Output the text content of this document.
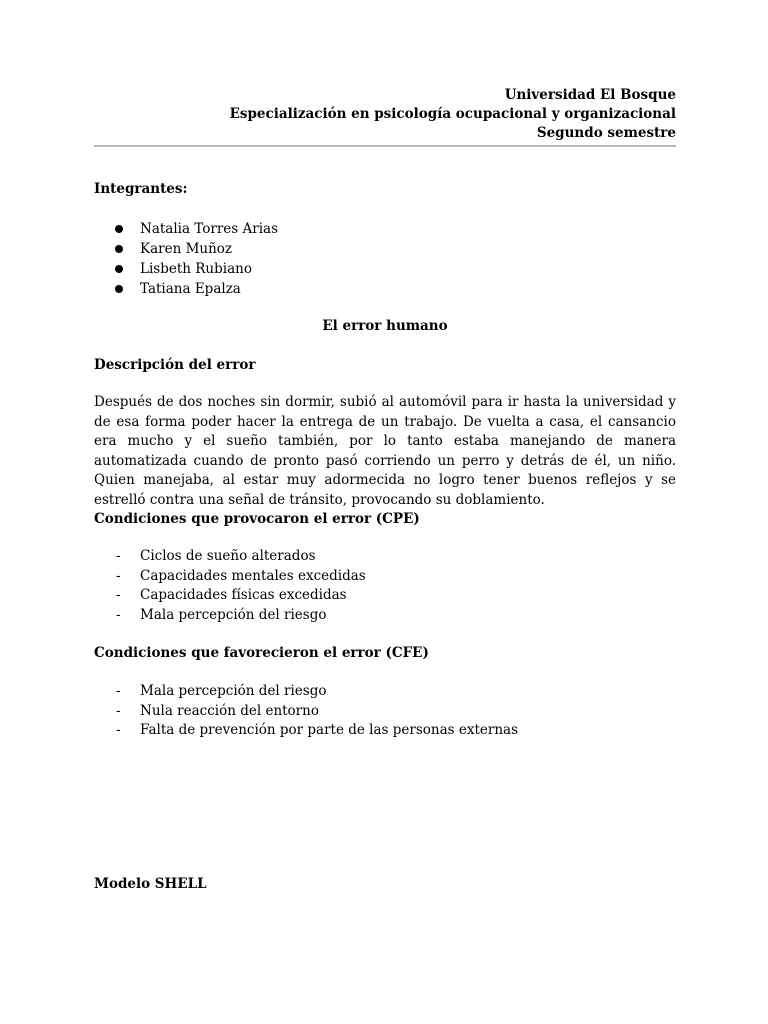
Universidad El Bosque
Especialización en psicología ocupacional y organizacional
Segundo semestre
Integrantes:
Natalia Torres Arias
Karen Muñoz
Lisbeth Rubiano
Tatiana Epalza
El error humano
Descripción del error

Después de dos noches sin dormir, subió al automóvil para ir hasta la universidad y de esa forma poder hacer la entrega de un trabajo. De vuelta a casa, el cansancio era mucho y el sueño también, por lo tanto estaba manejando de manera automatizada cuando de pronto pasó corriendo un perro y detrás de él, un niño. Quien manejaba, al estar muy adormecida no logro tener buenos reflejos y se estrelló contra una señal de tránsito, provocando su doblamiento.

Condiciones que provocaron el error (CPE)
- Ciclos de sueño alterados
- Capacidades mentales excedidas
- Capacidades físicas excedidas
- Mala percepción del riesgo
Condiciones que favorecieron el error (CFE)
- Mala percepción del riesgo
- Nula reacción del entorno
- Falta de prevención por parte de las personas externas
Modelo SHELL
